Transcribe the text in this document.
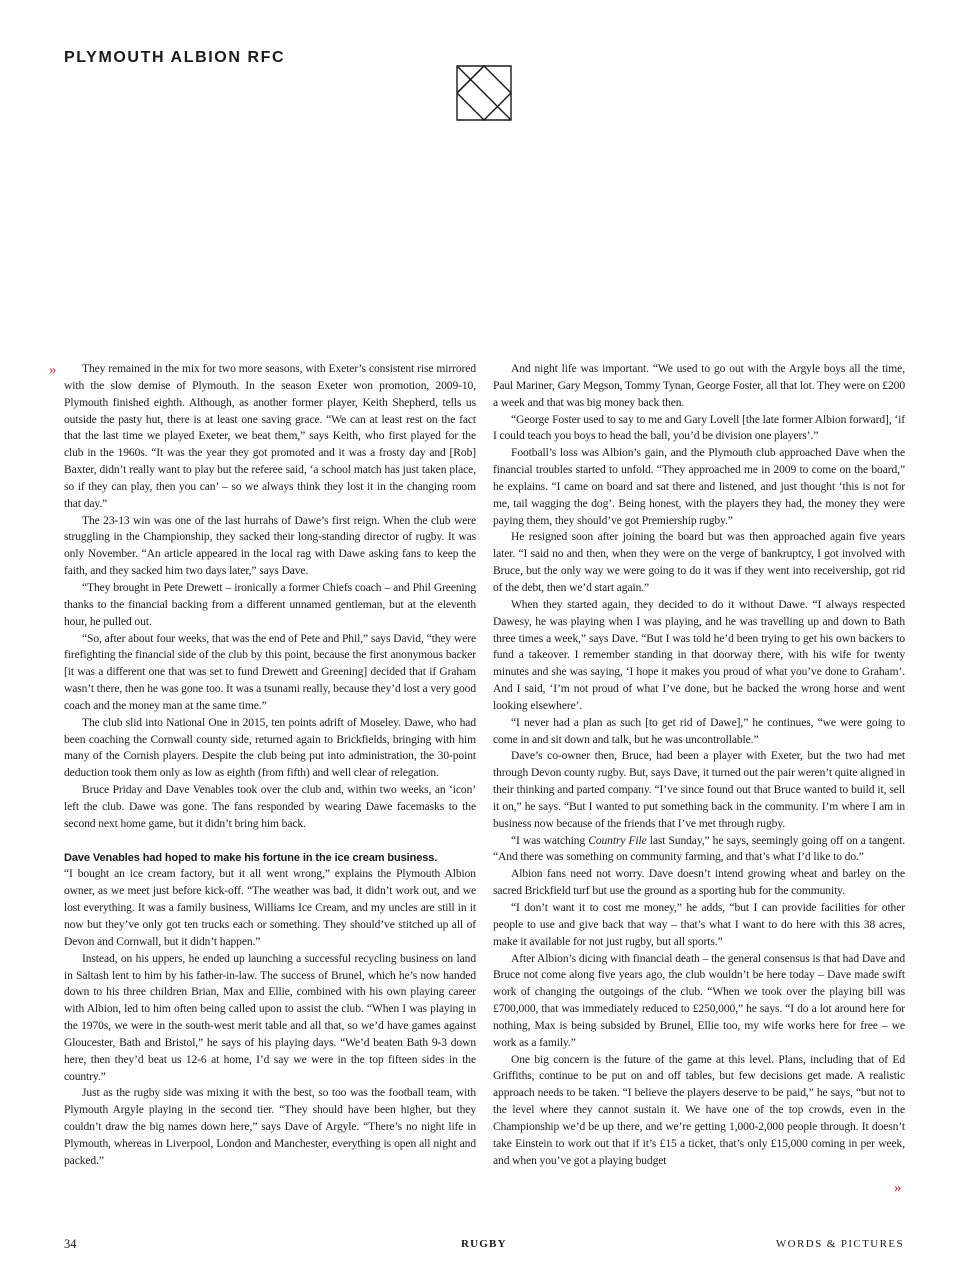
PLYMOUTH ALBION RFC
»	They remained in the mix for two more seasons, with Exeter’s consistent rise mirrored with the slow demise of Plymouth. In the season Exeter won promotion, 2009-10, Plymouth finished eighth. Although, as another former player, Keith Shepherd, tells us outside the pasty hut, there is at least one saving grace. “We can at least rest on the fact that the last time we played Exeter, we beat them,” says Keith, who first played for the club in the 1960s. “It was the year they got promoted and it was a frosty day and [Rob] Baxter, didn’t really want to play but the referee said, ‘a school match has just taken place, so if they can play, then you can’ – so we always think they lost it in the changing room that day.”

The 23-13 win was one of the last hurrahs of Dawe’s first reign. When the club were struggling in the Championship, they sacked their long-standing director of rugby. It was only November. “An article appeared in the local rag with Dawe asking fans to keep the faith, and they sacked him two days later,” says Dave.

“They brought in Pete Drewett – ironically a former Chiefs coach – and Phil Greening thanks to the financial backing from a different unnamed gentleman, but at the eleventh hour, he pulled out.

“So, after about four weeks, that was the end of Pete and Phil,” says David, “they were firefighting the financial side of the club by this point, because the first anonymous backer [it was a different one that was set to fund Drewett and Greening] decided that if Graham wasn’t there, then he was gone too. It was a tsunami really, because they’d lost a very good coach and the money man at the same time.”

The club slid into National One in 2015, ten points adrift of Moseley. Dawe, who had been coaching the Cornwall county side, returned again to Brickfields, bringing with him many of the Cornish players. Despite the club being put into administration, the 30-point deduction took them only as low as eighth (from fifth) and well clear of relegation.

Bruce Priday and Dave Venables took over the club and, within two weeks, an ‘icon’ left the club. Dawe was gone. The fans responded by wearing Dawe facemasks to the second next home game, but it didn’t bring him back.

Dave Venables had hoped to make his fortune in the ice cream business.

“I bought an ice cream factory, but it all went wrong,” explains the Plymouth Albion owner, as we meet just before kick-off. “The weather was bad, it didn’t work out, and we lost everything. It was a family business, Williams Ice Cream, and my uncles are still in it now but they’ve only got ten trucks each or something. They should’ve stitched up all of Devon and Cornwall, but it didn’t happen.”

Instead, on his uppers, he ended up launching a successful recycling business on land in Saltash lent to him by his father-in-law. The success of Brunel, which he’s now handed down to his three children Brian, Max and Ellie, combined with his own playing career with Albion, led to him often being called upon to assist the club. “When I was playing in the 1970s, we were in the south-west merit table and all that, so we’d have games against Gloucester, Bath and Bristol,” he says of his playing days. “We’d beaten Bath 9-3 down here, then they’d beat us 12-6 at home, I’d say we were in the top fifteen sides in the country.”

Just as the rugby side was mixing it with the best, so too was the football team, with Plymouth Argyle playing in the second tier. “They should have been higher, but they couldn’t draw the big names down here,” says Dave of Argyle. “There’s no night life in Plymouth, whereas in Liverpool, London and Manchester, everything is open all night and packed.”

And night life was important. “We used to go out with the Argyle boys all the time, Paul Mariner, Gary Megson, Tommy Tynan, George Foster, all that lot. They were on £200 a week and that was big money back then.

“George Foster used to say to me and Gary Lovell [the late former Albion forward], ‘if I could teach you boys to head the ball, you’d be division one players’.”

Football’s loss was Albion’s gain, and the Plymouth club approached Dave when the financial troubles started to unfold. “They approached me in 2009 to come on the board,” he explains. “I came on board and sat there and listened, and just thought ‘this is not for me, tail wagging the dog’. Being honest, with the players they had, the money they were paying them, they should’ve got Premiership rugby.”

He resigned soon after joining the board but was then approached again five years later. “I said no and then, when they were on the verge of bankruptcy, I got involved with Bruce, but the only way we were going to do it was if they went into receivership, got rid of the debt, then we’d start again.”

When they started again, they decided to do it without Dawe. “I always respected Dawesy, he was playing when I was playing, and he was travelling up and down to Bath three times a week,” says Dave. “But I was told he’d been trying to get his own backers to fund a takeover. I remember standing in that doorway there, with his wife for twenty minutes and she was saying, ‘I hope it makes you proud of what you’ve done to Graham’. And I said, ‘I’m not proud of what I’ve done, but he backed the wrong horse and went looking elsewhere’.

“I never had a plan as such [to get rid of Dawe],” he continues, “we were going to come in and sit down and talk, but he was uncontrollable.”

Dave’s co-owner then, Bruce, had been a player with Exeter, but the two had met through Devon county rugby. But, says Dave, it turned out the pair weren’t quite aligned in their thinking and parted company. “I’ve since found out that Bruce wanted to build it, sell it on,” he says. “But I wanted to put something back in the community. I’m where I am in business now because of the friends that I’ve met through rugby.

“I was watching Country File last Sunday,” he says, seemingly going off on a tangent. “And there was something on community farming, and that’s what I’d like to do.”

Albion fans need not worry. Dave doesn’t intend growing wheat and barley on the sacred Brickfield turf but use the ground as a sporting hub for the community.

“I don’t want it to cost me money,” he adds, “but I can provide facilities for other people to use and give back that way – that’s what I want to do here with this 38 acres, make it available for not just rugby, but all sports.”

After Albion’s dicing with financial death – the general consensus is that had Dave and Bruce not come along five years ago, the club wouldn’t be here today – Dave made swift work of changing the outgoings of the club. “When we took over the playing bill was £700,000, that was immediately reduced to £250,000,” he says. “I do a lot around here for nothing, Max is being subsided by Brunel, Ellie too, my wife works here for free – we work as a family.”

One big concern is the future of the game at this level. Plans, including that of Ed Griffiths, continue to be put on and off tables, but few decisions get made. A realistic approach needs to be taken. “I believe the players deserve to be paid,” he says, “but not to the level where they cannot sustain it. We have one of the top crowds, even in the Championship we’d be up there, and we’re getting 1,000-2,000 people through. It doesn’t take Einstein to work out that if it’s £15 a ticket, that’s only £15,000 coming in per week, and when you’ve got a playing budget

»
34	RUGBY	WORDS & PICTURES
